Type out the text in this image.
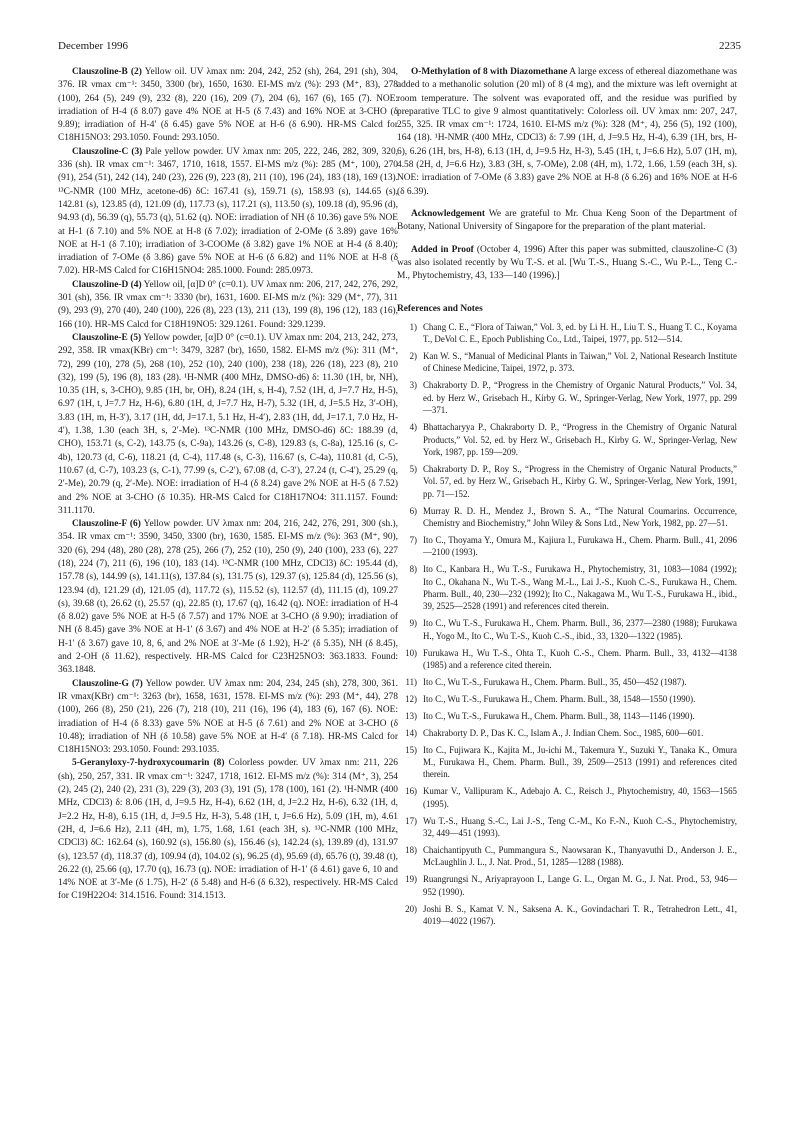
December 1996	2235

Clauszoline-B (2) Yellow oil. UV λmax nm: 204, 242, 252 (sh), 264, 291 (sh), 304, 376. IR νmax cm⁻¹: 3450, 3300 (br), 1650, 1630. EI-MS m/z (%): 293 (M⁺, 83), 278 (100), 264 (5), 249 (9), 232 (8), 220 (16), 209 (7), 204 (6), 167 (6), 165 (7). NOE: irradiation of H-4 (δ 8.07) gave 4% NOE at H-5 (δ 7.43) and 16% NOE at 3-CHO (δ 9.89); irradiation of H-4′ (δ 6.45) gave 5% NOE at H-6 (δ 6.90). HR-MS Calcd for C18H15NO3: 293.1050. Found: 293.1050.

Clauszoline-C (3) Pale yellow powder. UV λmax nm: 205, 222, 246, 282, 309, 320, 336 (sh). IR νmax cm⁻¹: 3467, 1710, 1618, 1557. EI-MS m/z (%): 285 (M⁺, 100), 270 (91), 254 (51), 242 (14), 240 (23), 226 (9), 223 (8), 211 (10), 196 (24), 183 (18), 169 (13). ¹³C-NMR (100 MHz, acetone-d6) δC: 167.41 (s), 159.71 (s), 158.93 (s), 144.65 (s), 142.81 (s), 123.85 (d), 121.09 (d), 117.73 (s), 117.21 (s), 113.50 (s), 109.18 (d), 95.96 (d), 94.93 (d), 56.39 (q), 55.73 (q), 51.62 (q). NOE: irradiation of NH (δ 10.36) gave 5% NOE at H-1 (δ 7.10) and 5% NOE at H-8 (δ 7.02); irradiation of 2-OMe (δ 3.89) gave 16% NOE at H-1 (δ 7.10); irradiation of 3-COOMe (δ 3.82) gave 1% NOE at H-4 (δ 8.40); irradiation of 7-OMe (δ 3.86) gave 5% NOE at H-6 (δ 6.82) and 11% NOE at H-8 (δ 7.02). HR-MS Calcd for C16H15NO4: 285.1000. Found: 285.0973.

Clauszoline-D (4) Yellow oil, [α]D 0° (c=0.1). UV λmax nm: 206, 217, 242, 276, 292, 301 (sh), 356. IR νmax cm⁻¹: 3330 (br), 1631, 1600. EI-MS m/z (%): 329 (M⁺, 77), 311 (9), 293 (9), 270 (40), 240 (100), 226 (8), 223 (13), 211 (13), 199 (8), 196 (12), 183 (16), 166 (10). HR-MS Calcd for C18H19NO5: 329.1261. Found: 329.1239.

Clauszoline-E (5) Yellow powder, [α]D 0° (c=0.1). UV λmax nm: 204, 213, 242, 273, 292, 358. IR νmax(KBr) cm⁻¹: 3479, 3287 (br), 1650, 1582. EI-MS m/z (%): 311 (M⁺, 72), 299 (10), 278 (5), 268 (10), 252 (10), 240 (100), 238 (18), 226 (18), 223 (8), 210 (32), 199 (5), 196 (8), 183 (28). ¹H-NMR (400 MHz, DMSO-d6) δ: 11.30 (1H, br, NH), 10.35 (1H, s, 3-CHO), 9.85 (1H, br, OH), 8.24 (1H, s, H-4), 7.52 (1H, d, J=7.7 Hz, H-5), 6.97 (1H, t, J=7.7 Hz, H-6), 6.80 (1H, d, J=7.7 Hz, H-7), 5.32 (1H, d, J=5.5 Hz, 3′-OH), 3.83 (1H, m, H-3′), 3.17 (1H, dd, J=17.1, 5.1 Hz, H-4′), 2.83 (1H, dd, J=17.1, 7.0 Hz, H-4′), 1.38, 1.30 (each 3H, s, 2′-Me). ¹³C-NMR (100 MHz, DMSO-d6) δC: 188.39 (d, CHO), 153.71 (s, C-2), 143.75 (s, C-9a), 143.26 (s, C-8), 129.83 (s, C-8a), 125.16 (s, C-4b), 120.73 (d, C-6), 118.21 (d, C-4), 117.48 (s, C-3), 116.67 (s, C-4a), 110.81 (d, C-5), 110.67 (d, C-7), 103.23 (s, C-1), 77.99 (s, C-2′), 67.08 (d, C-3′), 27.24 (t, C-4′), 25.29 (q, 2′-Me), 20.79 (q, 2′-Me). NOE: irradiation of H-4 (δ 8.24) gave 2% NOE at H-5 (δ 7.52) and 2% NOE at 3-CHO (δ 10.35). HR-MS Calcd for C18H17NO4: 311.1157. Found: 311.1170.

Clauszoline-F (6) Yellow powder. UV λmax nm: 204, 216, 242, 276, 291, 300 (sh.), 354. IR νmax cm⁻¹: 3590, 3450, 3300 (br), 1630, 1585. EI-MS m/z (%): 363 (M⁺, 90), 320 (6), 294 (48), 280 (28), 278 (25), 266 (7), 252 (10), 250 (9), 240 (100), 233 (6), 227 (18), 224 (7), 211 (6), 196 (10), 183 (14). ¹³C-NMR (100 MHz, CDCl3) δC: 195.44 (d), 157.78 (s), 144.99 (s), 141.11(s), 137.84 (s), 131.75 (s), 129.37 (s), 125.84 (d), 125.56 (s), 123.94 (d), 121.29 (d), 121.05 (d), 117.72 (s), 115.52 (s), 112.57 (d), 111.15 (d), 109.27 (s), 39.68 (t), 26.62 (t), 25.57 (q), 22.85 (t), 17.67 (q), 16.42 (q). NOE: irradiation of H-4 (δ 8.02) gave 5% NOE at H-5 (δ 7.57) and 17% NOE at 3-CHO (δ 9.90); irradiation of NH (δ 8.45) gave 3% NOE at H-1′ (δ 3.67) and 4% NOE at H-2′ (δ 5.35); irradiation of H-1′ (δ 3.67) gave 10, 8, 6, and 2% NOE at 3′-Me (δ 1.92), H-2′ (δ 5.35), NH (δ 8.45), and 2-OH (δ 11.62), respectively. HR-MS Calcd for C23H25NO3: 363.1833. Found: 363.1848.

Clauszoline-G (7) Yellow powder. UV λmax nm: 204, 234, 245 (sh), 278, 300, 361. IR νmax(KBr) cm⁻¹: 3263 (br), 1658, 1631, 1578. EI-MS m/z (%): 293 (M⁺, 44), 278 (100), 266 (8), 250 (21), 226 (7), 218 (10), 211 (16), 196 (4), 183 (6), 167 (6). NOE: irradiation of H-4 (δ 8.33) gave 5% NOE at H-5 (δ 7.61) and 2% NOE at 3-CHO (δ 10.48); irradiation of NH (δ 10.58) gave 5% NOE at H-4′ (δ 7.18). HR-MS Calcd for C18H15NO3: 293.1050. Found: 293.1035.

5-Geranyloxy-7-hydroxycoumarin (8) Colorless powder. UV λmax nm: 211, 226 (sh), 250, 257, 331. IR νmax cm⁻¹: 3247, 1718, 1612. EI-MS m/z (%): 314 (M⁺, 3), 254 (2), 245 (2), 240 (2), 231 (3), 229 (3), 203 (3), 191 (5), 178 (100), 161 (2). ¹H-NMR (400 MHz, CDCl3) δ: 8.06 (1H, d, J=9.5 Hz, H-4), 6.62 (1H, d, J=2.2 Hz, H-6), 6.32 (1H, d, J=2.2 Hz, H-8), 6.15 (1H, d, J=9.5 Hz, H-3), 5.48 (1H, t, J=6.6 Hz), 5.09 (1H, m), 4.61 (2H, d, J=6.6 Hz), 2.11 (4H, m), 1.75, 1.68, 1.61 (each 3H, s). ¹³C-NMR (100 MHz, CDCl3) δC: 162.64 (s), 160.92 (s), 156.80 (s), 156.46 (s), 142.24 (s), 139.89 (d), 131.97 (s), 123.57 (d), 118.37 (d), 109.94 (d), 104.02 (s), 96.25 (d), 95.69 (d), 65.76 (t), 39.48 (t), 26.22 (t), 25.66 (q), 17.70 (q), 16.73 (q). NOE: irradiation of H-1′ (δ 4.61) gave 6, 10 and 14% NOE at 3′-Me (δ 1.75), H-2′ (δ 5.48) and H-6 (δ 6.32), respectively. HR-MS Calcd for C19H22O4: 314.1516. Found: 314.1513.

O-Methylation of 8 with Diazomethane A large excess of ethereal diazomethane was added to a methanolic solution (20 ml) of 8 (4 mg), and the mixture was left overnight at room temperature. The solvent was evaporated off, and the residue was purified by preparative TLC to give 9 almost quantitatively: Colorless oil. UV λmax nm: 207, 247, 255, 325. IR νmax cm⁻¹: 1724, 1610. EI-MS m/z (%): 328 (M⁺, 4), 256 (5), 192 (100), 164 (18). ¹H-NMR (400 MHz, CDCl3) δ: 7.99 (1H, d, J=9.5 Hz, H-4), 6.39 (1H, brs, H-6), 6.26 (1H, brs, H-8), 6.13 (1H, d, J=9.5 Hz, H-3), 5.45 (1H, t, J=6.6 Hz), 5.07 (1H, m), 4.58 (2H, d, J=6.6 Hz), 3.83 (3H, s, 7-OMe), 2.08 (4H, m), 1.72, 1.66, 1.59 (each 3H, s). NOE: irradiation of 7-OMe (δ 3.83) gave 2% NOE at H-8 (δ 6.26) and 16% NOE at H-6 (δ 6.39).

Acknowledgement We are grateful to Mr. Chua Keng Soon of the Department of Botany, National University of Singapore for the preparation of the plant material.

Added in Proof (October 4, 1996) After this paper was submitted, clauszoline-C (3) was also isolated recently by Wu T.-S. et al. [Wu T.-S., Huang S.-C., Wu P.-L., Teng C.-M., Phytochemistry, 43, 133—140 (1996).]

References and Notes
1) Chang C. E., “Flora of Taiwan,” Vol. 3, ed. by Li H. H., Liu T. S., Huang T. C., Koyama T., DeVol C. E., Epoch Publishing Co., Ltd., Taipei, 1977, pp. 512—514.
2) Kan W. S., “Manual of Medicinal Plants in Taiwan,” Vol. 2, National Research Institute of Chinese Medicine, Taipei, 1972, p. 373.
3) Chakraborty D. P., “Progress in the Chemistry of Organic Natural Products,” Vol. 34, ed. by Herz W., Grisebach H., Kirby G. W., Springer-Verlag, New York, 1977, pp. 299—371.
4) Bhattacharyya P., Chakraborty D. P., “Progress in the Chemistry of Organic Natural Products,” Vol. 52, ed. by Herz W., Grisebach H., Kirby G. W., Springer-Verlag, New York, 1987, pp. 159—209.
5) Chakraborty D. P., Roy S., “Progress in the Chemistry of Organic Natural Products,” Vol. 57, ed. by Herz W., Grisebach H., Kirby G. W., Springer-Verlag, New York, 1991, pp. 71—152.
6) Murray R. D. H., Mendez J., Brown S. A., “The Natural Coumarins. Occurrence, Chemistry and Biochemistry,” John Wiley & Sons Ltd., New York, 1982, pp. 27—51.
7) Ito C., Thoyama Y., Omura M., Kajiura I., Furukawa H., Chem. Pharm. Bull., 41, 2096—2100 (1993).
8) Ito C., Kanbara H., Wu T.-S., Furukawa H., Phytochemistry, 31, 1083—1084 (1992); Ito C., Okahana N., Wu T.-S., Wang M.-L., Lai J.-S., Kuoh C.-S., Furukawa H., Chem. Pharm. Bull., 40, 230—232 (1992); Ito C., Nakagawa M., Wu T.-S., Furukawa H., ibid., 39, 2525—2528 (1991) and references cited therein.
9) Ito C., Wu T.-S., Furukawa H., Chem. Pharm. Bull., 36, 2377—2380 (1988); Furukawa H., Yogo M., Ito C., Wu T.-S., Kuoh C.-S., ibid., 33, 1320—1322 (1985).
10) Furukawa H., Wu T.-S., Ohta T., Kuoh C.-S., Chem. Pharm. Bull., 33, 4132—4138 (1985) and a reference cited therein.
11) Ito C., Wu T.-S., Furukawa H., Chem. Pharm. Bull., 35, 450—452 (1987).
12) Ito C., Wu T.-S., Furukawa H., Chem. Pharm. Bull., 38, 1548—1550 (1990).
13) Ito C., Wu T.-S., Furukawa H., Chem. Pharm. Bull., 38, 1143—1146 (1990).
14) Chakraborty D. P., Das K. C., Islam A., J. Indian Chem. Soc., 1985, 600—601.
15) Ito C., Fujiwara K., Kajita M., Ju-ichi M., Takemura Y., Suzuki Y., Tanaka K., Omura M., Furukawa H., Chem. Pharm. Bull., 39, 2509—2513 (1991) and references cited therein.
16) Kumar V., Vallipuram K., Adebajo A. C., Reisch J., Phytochemistry, 40, 1563—1565 (1995).
17) Wu T.-S., Huang S.-C., Lai J.-S., Teng C.-M., Ko F.-N., Kuoh C.-S., Phytochemistry, 32, 449—451 (1993).
18) Chaichantipyuth C., Pummangura S., Naowsaran K., Thanyavuthi D., Anderson J. E., McLaughlin J. L., J. Nat. Prod., 51, 1285—1288 (1988).
19) Ruangrungsi N., Ariyaprayoon I., Lange G. L., Organ M. G., J. Nat. Prod., 53, 946—952 (1990).
20) Joshi B. S., Kamat V. N., Saksena A. K., Govindachari T. R., Tetrahedron Lett., 41, 4019—4022 (1967).
